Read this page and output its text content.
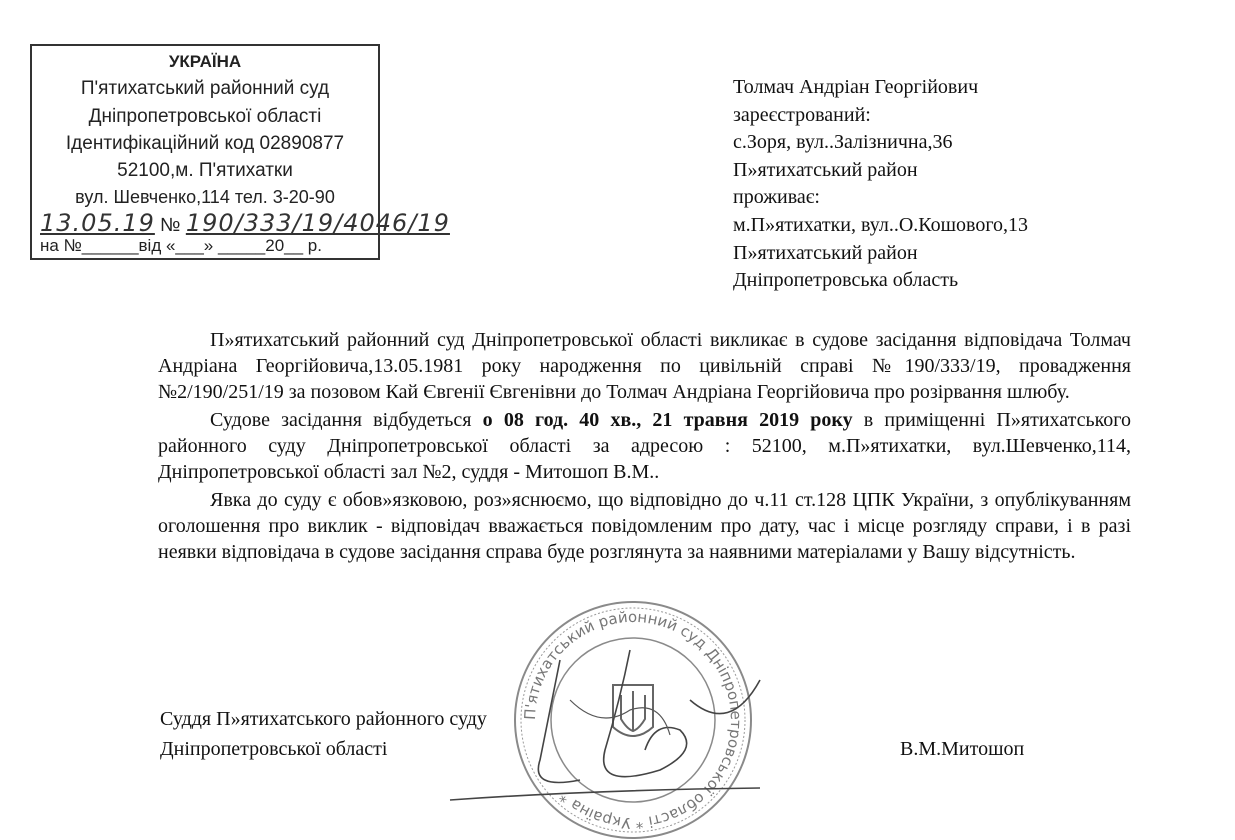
УКРАЇНА
П'ятихатський районний суд
Дніпропетровської області
Ідентифікаційний код 02890877
52100,м. П'ятихатки
вул. Шевченко,114 тел. 3-20-90
13.05.19 № 190/333/19/4046/19
на №______від «___» _____20__ р.
Толмач Андріан Георгійович
зареєстрований:
с.Зоря, вул..Залізнична,36
П»ятихатський район
проживає:
м.П»ятихатки, вул..О.Кошового,13
П»ятихатський район
Дніпропетровська область

П»ятихатський районний суд Дніпропетровської області викликає в судове засідання відповідача Толмач Андріана Георгійовича,13.05.1981 року народження по цивільній справі №190/333/19, провадження №2/190/251/19 за позовом Кай Євгенії Євгенівни до Толмач Андріана Георгійовича про розірвання шлюбу.

Судове засідання відбудеться о 08 год. 40 хв., 21 травня 2019 року в приміщенні П»ятихатського районного суду Дніпропетровської області за адресою : 52100, м.П»ятихатки, вул.Шевченко,114, Дніпропетровської області зал №2, суддя - Митошоп В.М..

Явка до суду є обов»язковою, роз»яснюємо, що відповідно до ч.11 ст.128 ЦПК України, з опублікуванням оголошення про виклик - відповідач вважається повідомленим про дату, час і місце розгляду справи, і в разі неявки відповідача в судове засідання справа буде розглянута за наявними матеріалами у Вашу відсутність.

П'ятихатський районний суд Дніпропетровської області * Україна *
Суддя П»ятихатського районного суду
Дніпропетровської області	В.М.Митошоп
